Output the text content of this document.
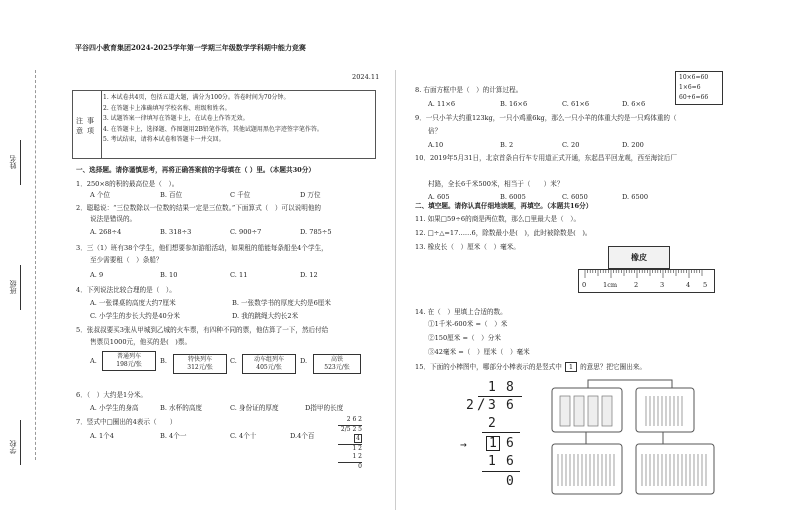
姓名
班级
学校
平谷四小教育集团2024-2025学年第一学期三年级数学学科期中能力竞赛
2024.11
注
意
事
项
1. 本试卷共4页，包括五道大题，满分为100分。答卷时间为70分钟。
2. 在答题卡上准确填写学校名称、班级和姓名。
3. 试题答案一律填写在答题卡上，在试卷上作答无效。
4. 在答题卡上，选择题、作图题用2B铅笔作答，其他试题用黑色字迹签字笔作答。
5. 考试结束，请将本试卷和答题卡一并交回。
一、选择题。请你谨慎思考，再将正确答案前的字母填在（ ）里。（本题共30分）
1．250×8的积的最高位是（　）。
A 个位	B. 百位	C 千位	D 万位
2．聪聪说：“三位数除以一位数的结果一定是三位数。”下面算式（　）可以说明他的
说法是错误的。
A. 268÷4	B. 318÷3	C. 900÷7	D. 785÷5
3．三（1）班有38个学生，他们想要参加游船活动，如果租的船能每条船坐4个学生，
至少需要租（　）条船？
A. 9	B. 10	C. 11	D. 12
4．下列说法比较合理的是（　）。
A. 一张课桌的高度大约7厘米	B. 一张数学书的厚度大约是6厘米
C. 小学生的步长大约是40分米	D. 我的跳绳大约长2米
5．张叔叔要买3张从甲城到乙城的火车票，有四种不同的票，他估算了一下，然后付给
售票员1000元，他买的是(　)票。
A.
普通列车
198元/张	B.	特快列车
312元/张
C.	动车组列车
405元/张
D.	高铁
523元/张
6．（　）大约是1分米。
A. 小学生的身高	B. 水杯的高度	C. 身份证的厚度	D指甲的长度
7．竖式中□圈出的4表示（　　）
A. 1个4	B. 4个一	C. 4个十	D.4个百
2 6 2
2/5 2 5
4
1 2
1 2
0
10×6=60
1×6=6
60+6=66
8. 右面方框中是（　）的计算过程。
A. 11×6	B. 16×6	C. 61×6	D. 6×6
9．一只小羊大约重123kg，一只小鸡重6kg，那么一只小羊的体重大约是一只鸡体重的（
倍？
A.10	B. 2	C. 20	D. 200
10．2019年5月31日，北京首条自行车专用道正式开通，东起昌平回龙观，西至海淀后厂
村路，全长6千米500米，相当于（　　）米？
A. 605	B. 6005	C. 6050	D. 6500
二、填空题。请你认真仔细地读题，再填空。（本题共16分）
11. 如果□59÷6的商是两位数，那么□里最大是（　）。
12. □÷△=17……6，除数最小是(　)，此时被除数是(　)。
13. 橡皮长（　）厘米（　）毫米。
橡皮
0	1cm	2	3	4 5
14. 在（　）里填上合适的数。
①1千米-600米 =（　）米
②150厘米 =（　）分米
③42毫米 =（　）厘米（　）毫米
15．下面的小棒图中，哪部分小棒表示的是竖式中 1 的意思？把它圈出来。
1 8
2 / 3 6
2
→ 1 6
1 6
0
